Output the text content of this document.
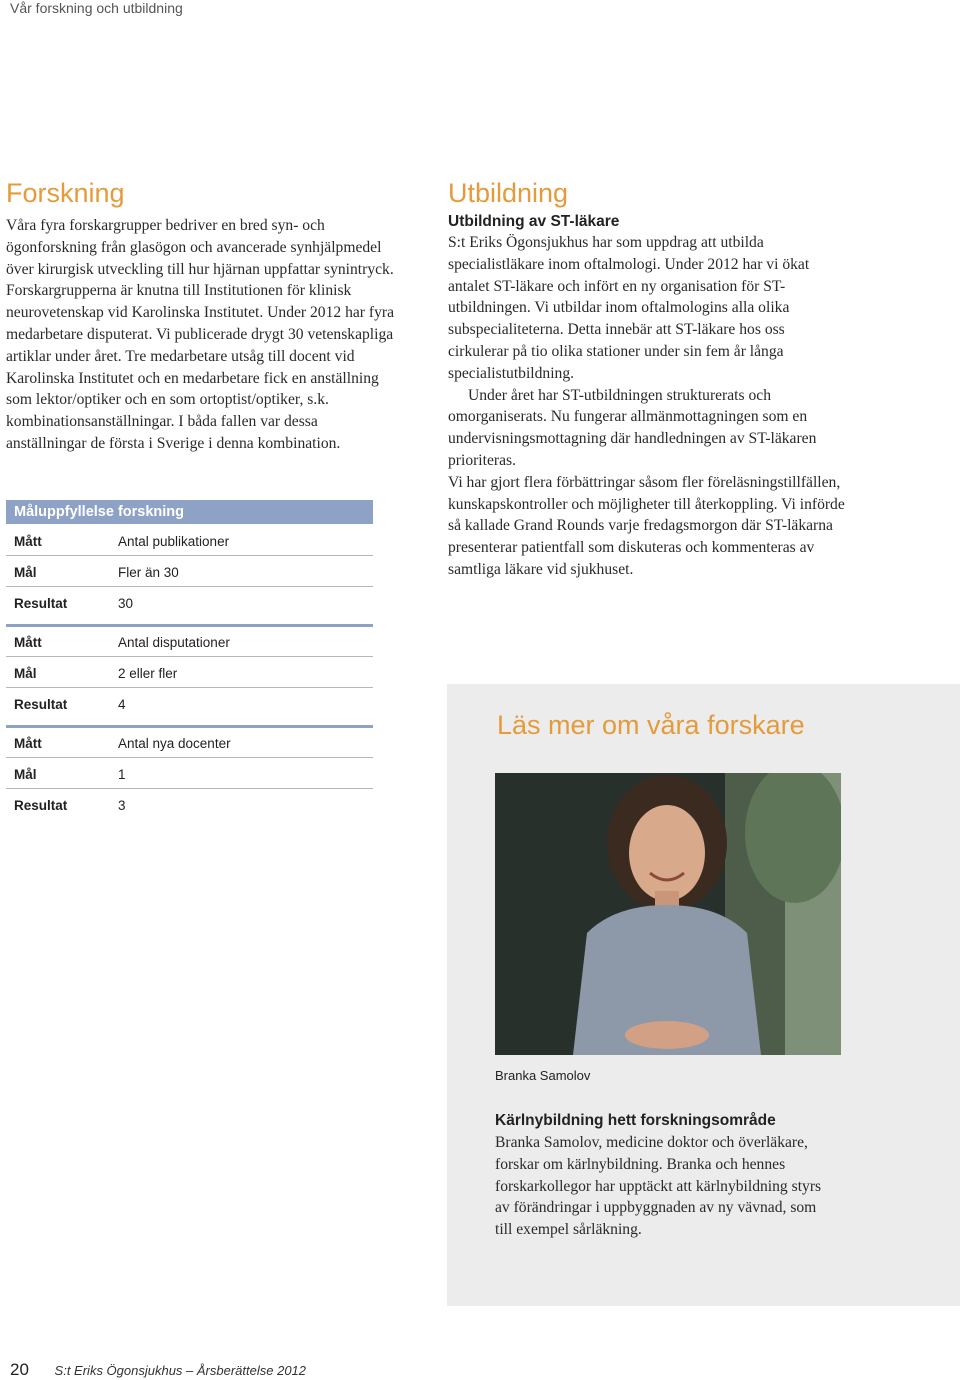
Vår forskning och utbildning
Forskning

Våra fyra forskargrupper bedriver en bred syn- och ögonforskning från glasögon och avancerade synhjälpmedel över kirurgisk utveckling till hur hjärnan uppfattar synintryck. Forskargrupperna är knutna till Institutionen för klinisk neurovetenskap vid Karolinska Institutet. Under 2012 har fyra medarbetare disputerat. Vi publicerade drygt 30 vetenskapliga artiklar under året. Tre medarbetare utsåg till docent vid Karolinska Institutet och en medarbetare fick en anställning som lektor/optiker och en som ortoptist/optiker, s.k. kombinationsanställningar. I båda fallen var dessa anställningar de första i Sverige i denna kombination.

Måluppfyllelse forskning
Mått	Antal publikationer
Mål	Fler än 30
Resultat	30
Mått	Antal disputationer
Mål	2 eller fler
Resultat	4
Mått	Antal nya docenter
Mål	1
Resultat	3
Utbildning

Utbildning av ST-läkare

S:t Eriks Ögonsjukhus har som uppdrag att utbilda specialistläkare inom oftalmologi. Under 2012 har vi ökat antalet ST-läkare och infört en ny organisation för ST-utbildningen. Vi utbildar inom oftalmologins alla olika subspecialiteterna. Detta innebär att ST-läkare hos oss cirkulerar på tio olika stationer under sin fem år långa specialistutbildning.

Under året har ST-utbildningen strukturerats och omorganiserats. Nu fungerar allmänmottagningen som en undervisningsmottagning där handledningen av ST-läkaren prioriteras.

Vi har gjort flera förbättringar såsom fler föreläsningstillfällen, kunskapskontroller och möjligheter till återkoppling. Vi införde så kallade Grand Rounds varje fredagsmorgon där ST-läkarna presenterar patientfall som diskuteras och kommenteras av samtliga läkare vid sjukhuset.

Läs mer om våra forskare
Branka Samolov

Kärlnybildning hett forskningsområde

Branka Samolov, medicine doktor och överläkare, forskar om kärlnybildning. Branka och hennes forskarkollegor har upptäckt att kärlnybildning styrs av förändringar i uppbyggnaden av ny vävnad, som till exempel sårläkning.

20 S:t Eriks Ögonsjukhus – Årsberättelse 2012
